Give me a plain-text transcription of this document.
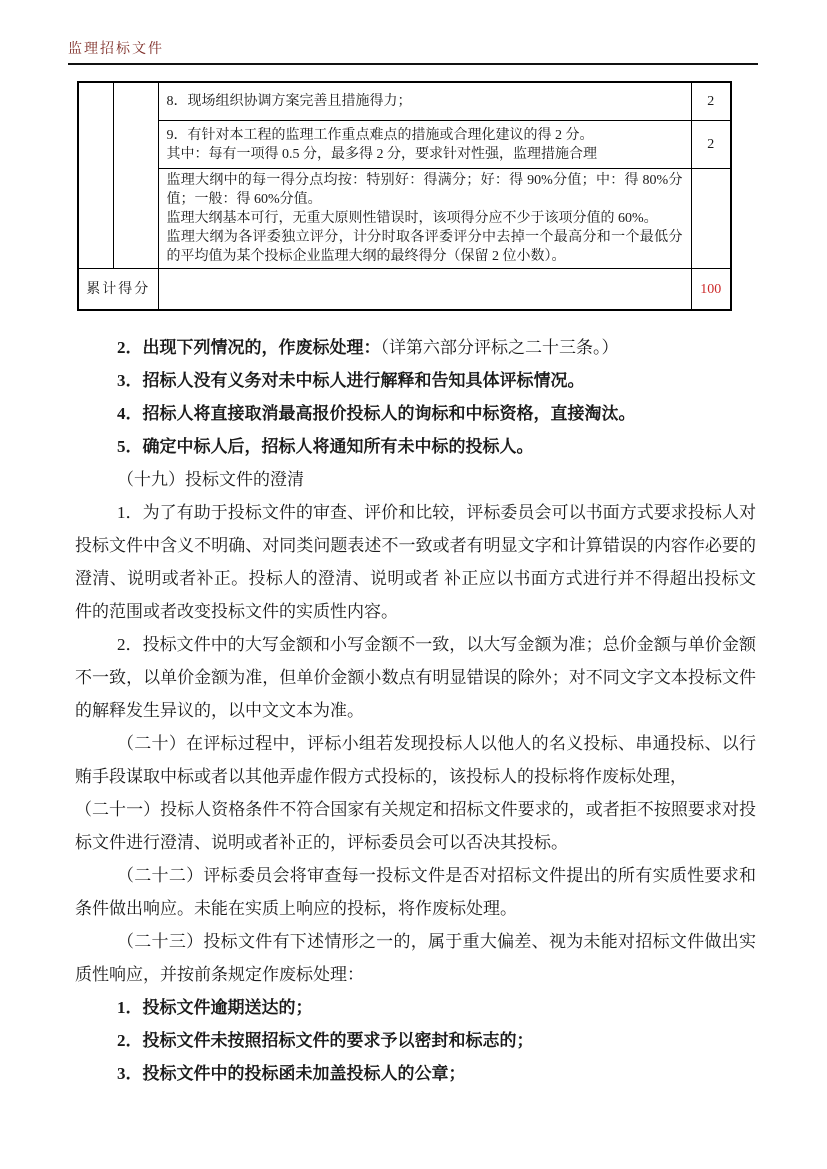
监理招标文件
		8．现场组织协调方案完善且措施得力；	2

		9．有针对本工程的监理工作重点难点的措施或合理化建议的得 2 分。
其中：每有一项得 0.5 分，最多得 2 分，要求针对性强，监理措施合理	2

		监理大纲中的每一得分点均按：特别好：得满分；好：得 90%分值；中：得 80%分值；一般：得 60%分值。
监理大纲基本可行，无重大原则性错误时，该项得分应不少于该项分值的 60%。
监理大纲为各评委独立评分，计分时取各评委评分中去掉一个最高分和一个最低分的平均值为某个投标企业监理大纲的最终得分（保留 2 位小数）。	

累计得分			100

2．出现下列情况的，作废标处理：（详第六部分评标之二十三条。）

3．招标人没有义务对未中标人进行解释和告知具体评标情况。

4．招标人将直接取消最高报价投标人的询标和中标资格，直接淘汰。

5．确定中标人后，招标人将通知所有未中标的投标人。

（十九）投标文件的澄清

1．为了有助于投标文件的审查、评价和比较，评标委员会可以书面方式要求投标人对投标文件中含义不明确、对同类问题表述不一致或者有明显文字和计算错误的内容作必要的澄清、说明或者补正。投标人的澄清、说明或者 补正应以书面方式进行并不得超出投标文件的范围或者改变投标文件的实质性内容。

2．投标文件中的大写金额和小写金额不一致，以大写金额为准；总价金额与单价金额不一致，以单价金额为准，但单价金额小数点有明显错误的除外；对不同文字文本投标文件的解释发生异议的，以中文文本为准。

（二十）在评标过程中，评标小组若发现投标人以他人的名义投标、串通投标、以行贿手段谋取中标或者以其他弄虚作假方式投标的，该投标人的投标将作废标处理，

（二十一）投标人资格条件不符合国家有关规定和招标文件要求的，或者拒不按照要求对投标文件进行澄清、说明或者补正的，评标委员会可以否决其投标。

（二十二）评标委员会将审查每一投标文件是否对招标文件提出的所有实质性要求和条件做出响应。未能在实质上响应的投标，将作废标处理。

（二十三）投标文件有下述情形之一的，属于重大偏差、视为未能对招标文件做出实质性响应，并按前条规定作废标处理：

1．投标文件逾期送达的；

2．投标文件未按照招标文件的要求予以密封和标志的；

3．投标文件中的投标函未加盖投标人的公章；
